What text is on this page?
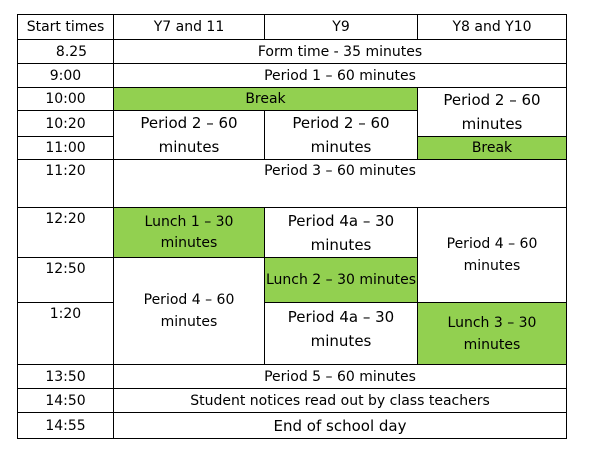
Start times	Y7 and 11	Y9	Y8 and Y10
8.25	Form time - 35 minutes		
9:00	Period 1 – 60 minutes		
10:00	Break		Period 2 – 60 minutes
10:20	Period 2 – 60 minutes	Period 2 – 60 minutes	
11:00			Break
11:20	Period 3 – 60 minutes		
12:20	Lunch 1 – 30 minutes	Period 4a – 30 minutes	Period 4 – 60 minutes
12:50	Period 4 – 60 minutes	Lunch 2 – 30 minutes	
1:20		Period 4a – 30 minutes	Lunch 3 – 30 minutes
13:50	Period 5 – 60 minutes		
14:50	Student notices read out by class teachers		
14:55	End of school day		
